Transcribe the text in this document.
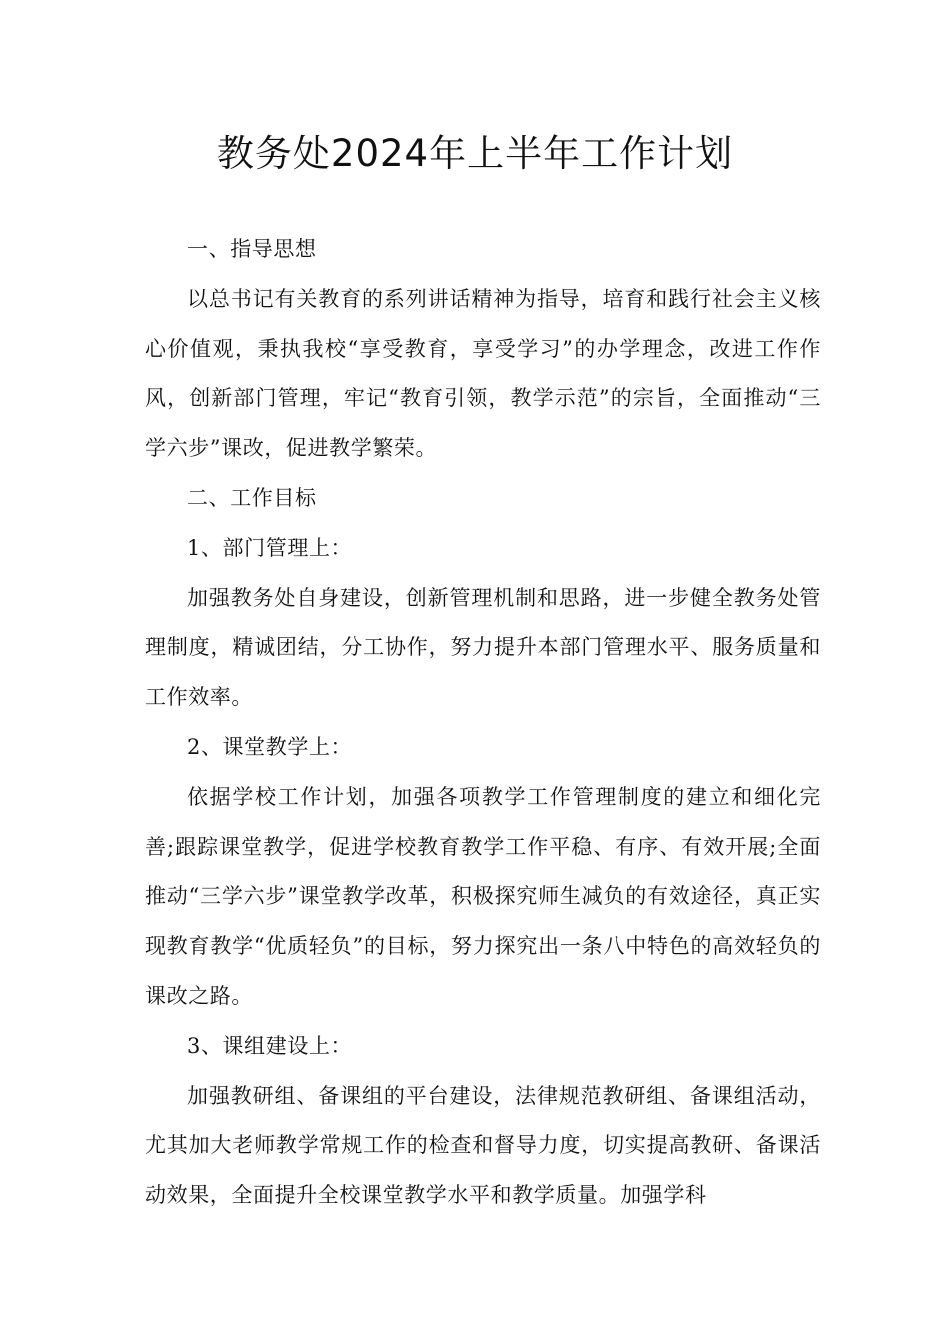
教务处2024年上半年工作计划

一、指导思想

以总书记有关教育的系列讲话精神为指导，培育和践行社会主义核心价值观，秉执我校“享受教育，享受学习”的办学理念，改进工作作风，创新部门管理，牢记“教育引领，教学示范”的宗旨，全面推动“三学六步”课改，促进教学繁荣。

二、工作目标

1、部门管理上：

加强教务处自身建设，创新管理机制和思路，进一步健全教务处管理制度，精诚团结，分工协作，努力提升本部门管理水平、服务质量和工作效率。

2、课堂教学上：

依据学校工作计划，加强各项教学工作管理制度的建立和细化完善;跟踪课堂教学，促进学校教育教学工作平稳、有序、有效开展;全面推动“三学六步”课堂教学改革，积极探究师生减负的有效途径，真正实现教育教学“优质轻负”的目标，努力探究出一条八中特色的高效轻负的课改之路。

3、课组建设上：

加强教研组、备课组的平台建设，法律规范教研组、备课组活动，尤其加大老师教学常规工作的检查和督导力度，切实提高教研、备课活动效果，全面提升全校课堂教学水平和教学质量。加强学科
